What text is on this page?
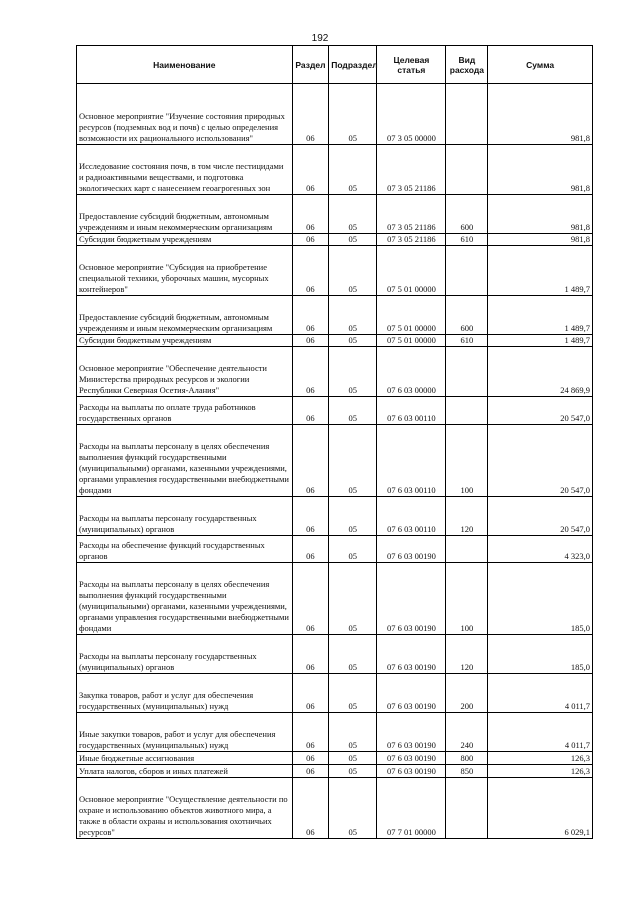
192
Наименование	Раздел	Подраздел	Целевая статья	Вид расхода	Сумма
Основное мероприятие "Изучение состояния природных ресурсов (подземных вод и почв) с целью определения возможности их рационального использования"	06	05	07 3 05 00000		981,8
Исследование состояния почв, в том числе пестицидами и радиоактивными веществами, и подготовка экологических карт с нанесением геоагрогенных зон	06	05	07 3 05 21186		981,8
Предоставление субсидий бюджетным, автономным учреждениям и иным некоммерческим организациям	06	05	07 3 05 21186	600	981,8
Субсидии бюджетным учреждениям	06	05	07 3 05 21186	610	981,8
Основное мероприятие "Субсидия на приобретение специальной техники, уборочных машин, мусорных контейнеров"	06	05	07 5 01 00000		1 489,7
Предоставление субсидий бюджетным, автономным учреждениям и иным некоммерческим организациям	06	05	07 5 01 00000	600	1 489,7
Субсидии бюджетным учреждениям	06	05	07 5 01 00000	610	1 489,7
Основное мероприятие "Обеспечение деятельности Министерства природных ресурсов и экологии Республики Северная Осетия-Алания"	06	05	07 6 03 00000		24 869,9
Расходы на выплаты по оплате труда работников государственных органов	06	05	07 6 03 00110		20 547,0
Расходы на выплаты персоналу в целях обеспечения выполнения функций государственными (муниципальными) органами, казенными учреждениями, органами управления государственными внебюджетными фондами	06	05	07 6 03 00110	100	20 547,0
Расходы на выплаты персоналу государственных (муниципальных) органов	06	05	07 6 03 00110	120	20 547,0
Расходы на обеспечение функций государственных органов	06	05	07 6 03 00190		4 323,0
Расходы на выплаты персоналу в целях обеспечения выполнения функций государственными (муниципальными) органами, казенными учреждениями, органами управления государственными внебюджетными фондами	06	05	07 6 03 00190	100	185,0
Расходы на выплаты персоналу государственных (муниципальных) органов	06	05	07 6 03 00190	120	185,0
Закупка товаров, работ и услуг для обеспечения государственных (муниципальных) нужд	06	05	07 6 03 00190	200	4 011,7
Иные закупки товаров, работ и услуг для обеспечения государственных (муниципальных) нужд	06	05	07 6 03 00190	240	4 011,7
Иные бюджетные ассигнования	06	05	07 6 03 00190	800	126,3
Уплата налогов, сборов и иных платежей	06	05	07 6 03 00190	850	126,3
Основное мероприятие "Осуществление деятельности по охране и использованию объектов животного мира, а также в области охраны и использования охотничьих ресурсов"	06	05	07 7 01 00000		6 029,1
